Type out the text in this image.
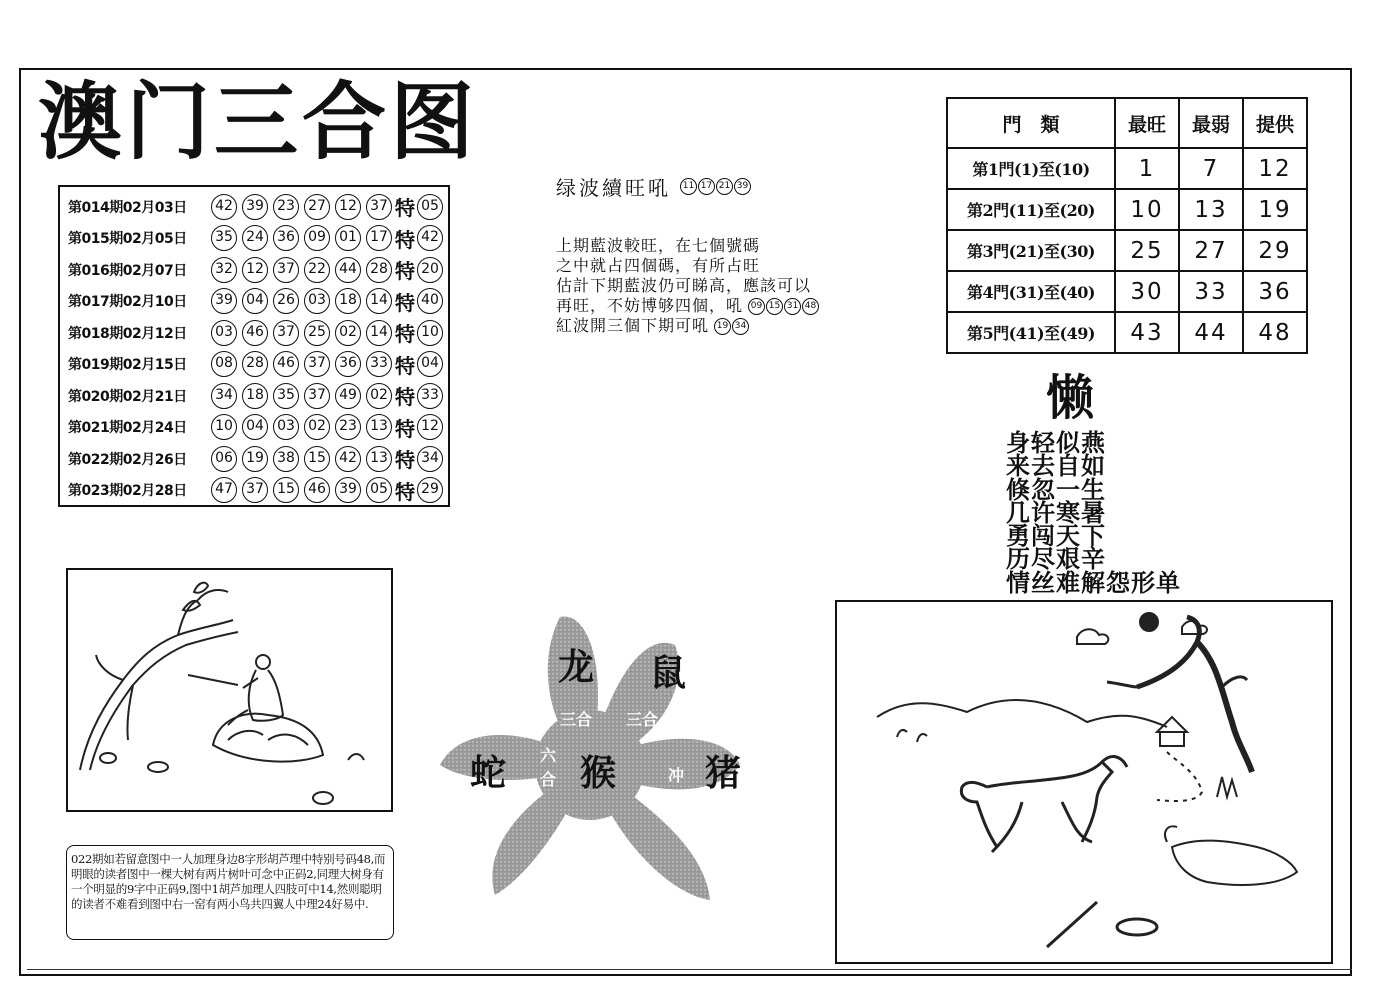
澳门三合图
第014期02月03日	42 39 23 27 12 37 特 05
第015期02月05日	35 24 36 09 01 17 特 42
第016期02月07日	32 12 37 22 44 28 特 20
第017期02月10日	39 04 26 03 18 14 特 40
第018期02月12日	03 46 37 25 02 14 特 10
第019期02月15日	08 28 46 37 36 33 特 04
第020期02月21日	34 18 35 37 49 02 特 33
第021期02月24日	10 04 03 02 23 13 特 12
第022期02月26日	06 19 38 15 42 13 特 34
第023期02月28日	47 37 15 46 39 05 特 29
绿波續旺吼	11 17 21 39
上期藍波較旺，在七個號碼
之中就占四個碼，有所占旺
估計下期藍波仍可睇高，應該可以
再旺，不妨博够四個，吼 09 15 31 48
紅波開三個下期可吼 19 34
門　類	最旺	最弱	提供
第1門(1)至(10)	1	7	12
第2門(11)至(20)	10	13	19
第3門(21)至(30)	25	27	29
第4門(31)至(40)	30	33	36
第5門(41)至(49)	43	44	48
懒
身轻似燕
来去自如
倏忽一生
几许寒暑
勇闯天下
历尽艰辛
情丝难解怨形单
022期如若留意图中一人加理身边8字形胡芦理中特别号码48,而明眼的读者图中一棵大树有两片树叶可念中正码2,同理大树身有一个明显的9字中正码9,图中1胡芦加理人四肢可中14,然则聪明的读者不难看到图中右一窑有两小鸟共四翼人中理24好易中.
龙 鼠
蛇 猴 猪
三合 三合
六
合	冲
